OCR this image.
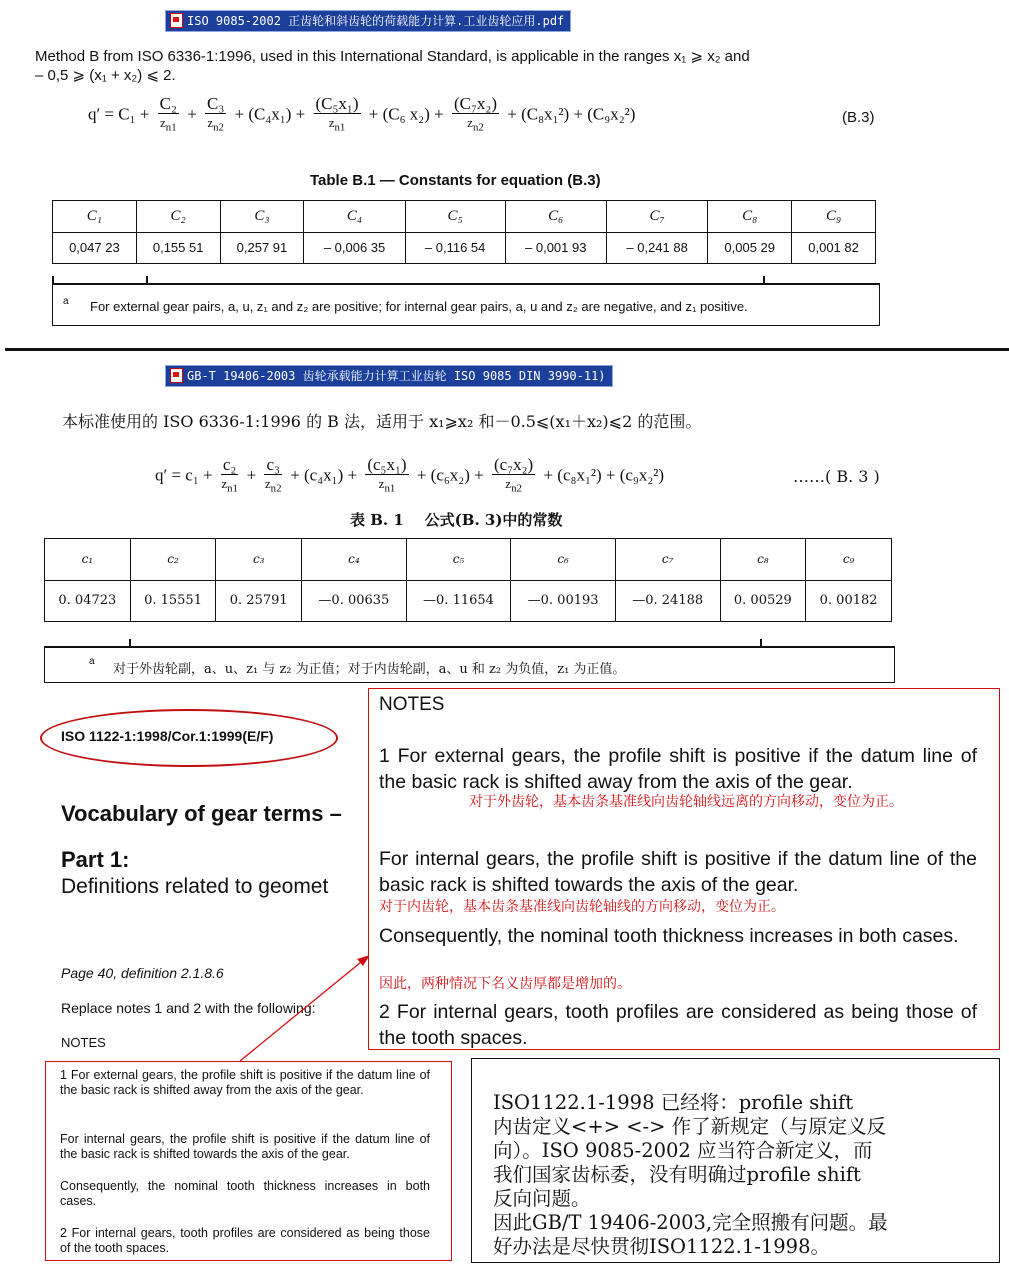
ISO 9085-2002 正齿轮和斜齿轮的荷载能力计算.工业齿轮应用.pdf
Method B from ISO 6336-1:1996, used in this International Standard, is applicable in the ranges x₁ ⩾ x₂ and
– 0,5 ⩾ (x₁ + x₂) ⩽ 2.
$q' = C_1 + \frac{\text{C₂}}{z_{n1}} + \frac{\text{C₃}}{z_{n2}} + (C_4x_1) + \frac{\text{(C₅x₁)}}{z_{n1}} + (C_6$ $x_2) + \frac{\text{(C₇x₂)}}{z_{n2}} + (C_8x_1^2) + (C_9x_2^2)$	(B.3)
Table B.1 — Constants for equation (B.3)
C₁	C₂	C₃	C₄	C₅	C₆	C₇	C₈	C₉
0,047 23	0,155 51	0,257 91	– 0,006 35	– 0,116 54	– 0,001 93	– 0,241 88	0,005 29	0,001 82
a For external gear pairs, a, u, z₁ and z₂ are positive; for internal gear pairs, a, u and z₂ are negative, and z₁ positive.
GB-T 19406-2003 齿轮承载能力计算工业齿轮 ISO 9085 DIN 3990-11)
本标准使用的 ISO 6336-1:1996 的 B 法，适用于 x₁⩾x₂ 和－0.5⩽(x₁＋x₂)⩽2 的范围。
$q' = c_1 + \frac{\text{c₂}}{z_{n1}} + \frac{\text{c₃}}{z_{n2}} + (c_4x_1) + \frac{\text{(c₅x₁)}}{z_{n1}} + (c_6x_2) + \frac{\text{(c₇x₂)}}{z_{n2}} + (c_8x_1^2) + (c_9x_2^2)$	……( B. 3 )
表 B. 1    公式(B. 3)中的常数
c₁	c₂	c₃	c₄	c₅	c₆	c₇	c₈	c₉
0. 04723	0. 15551	0. 25791	—0. 00635	—0. 11654	—0. 00193	—0. 24188	0. 00529	0. 00182
a
对于外齿轮副，a、u、z₁ 与 z₂ 为正值；对于内齿轮副，a、u 和 z₂ 为负值，z₁ 为正值。
ISO 1122-1:1998/Cor.1:1999(E/F)
Vocabulary of gear terms –
Part 1:
Definitions related to geomet
Page 40, definition 2.1.8.6
Replace notes 1 and 2 with the following:
NOTES
1 For external gears, the profile shift is positive if the datum line of the basic rack is shifted away from the axis of the gear.
For internal gears, the profile shift is positive if the datum line of the basic rack is shifted towards the axis of the gear.
Consequently, the nominal tooth thickness increases in both cases.
2 For internal gears, tooth profiles are considered as being those of the tooth spaces.
NOTES
1 For external gears, the profile shift is positive if the datum line of the basic rack is shifted away from the axis of the gear.
对于外齿轮，基本齿条基准线向齿轮轴线远离的方向移动，变位为正。
For internal gears, the profile shift is positive if the datum line of the basic rack is shifted towards the axis of the gear.
对于内齿轮，基本齿条基准线向齿轮轴线的方向移动，变位为正。
Consequently, the nominal tooth thickness increases in both cases.
因此，两种情况下名义齿厚都是增加的。
2 For internal gears, tooth profiles are considered as being those of the tooth spaces.
ISO1122.1-1998 已经将：profile shift
内齿定义<+> <-> 作了新规定（与原定义反
向）。ISO 9085-2002 应当符合新定义，而
我们国家齿标委，没有明确过profile shift
反向问题。
因此GB/T 19406-2003,完全照搬有问题。最
好办法是尽快贯彻ISO1122.1-1998。
